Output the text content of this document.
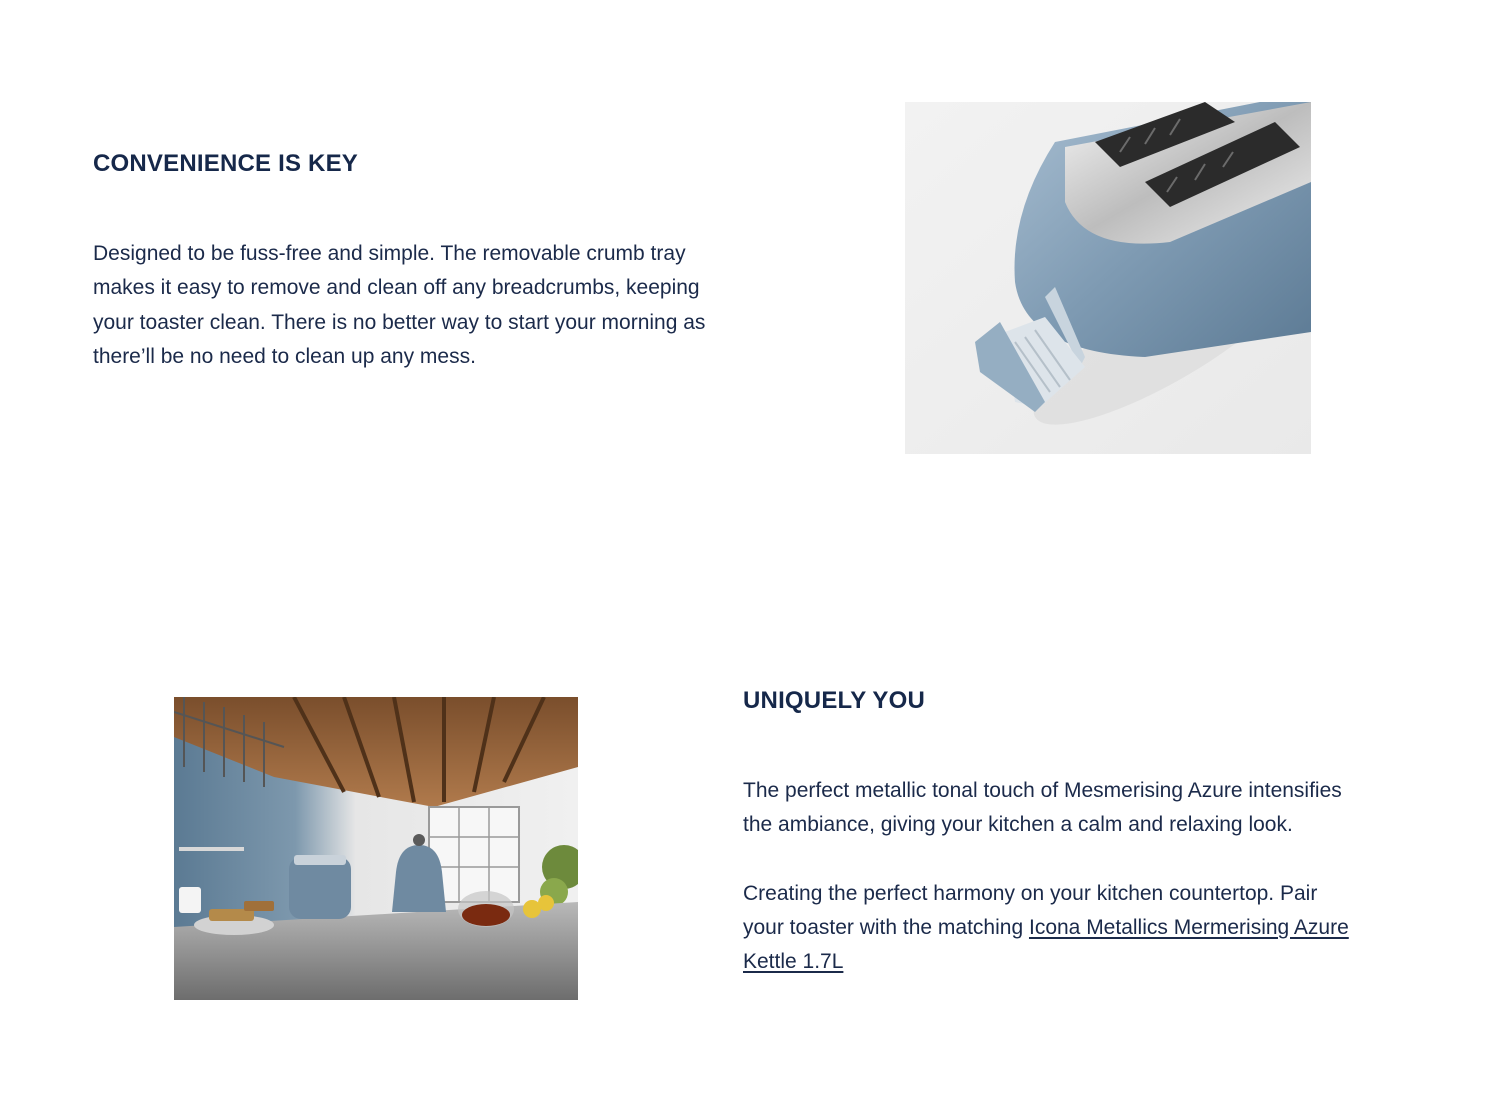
CONVENIENCE IS KEY

Designed to be fuss-free and simple. The removable crumb tray makes it easy to remove and clean off any breadcrumbs, keeping your toaster clean. There is no better way to start your morning as there’ll be no need to clean up any mess.

UNIQUELY YOU

The perfect metallic tonal touch of Mesmerising Azure intensifies the ambiance, giving your kitchen a calm and relaxing look.

Creating the perfect harmony on your kitchen countertop. Pair your toaster with the matching Icona Metallics Mermerising Azure Kettle 1.7L
